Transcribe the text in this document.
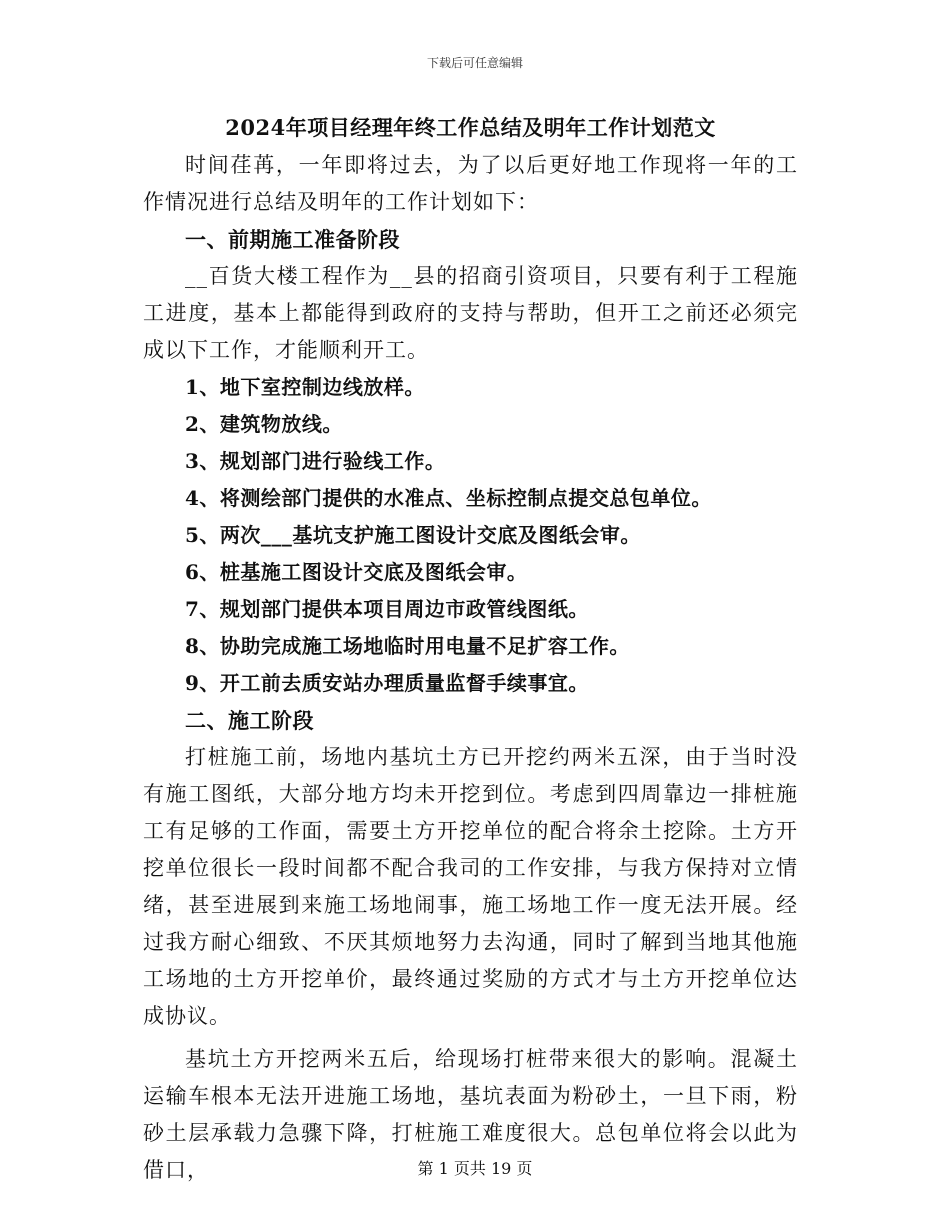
下载后可任意编辑
2024年项目经理年终工作总结及明年工作计划范文

时间荏苒，一年即将过去，为了以后更好地工作现将一年的工作情况进行总结及明年的工作计划如下：

一、前期施工准备阶段

__百货大楼工程作为__县的招商引资项目，只要有利于工程施工进度，基本上都能得到政府的支持与帮助，但开工之前还必须完成以下工作，才能顺利开工。

1、地下室控制边线放样。

2、建筑物放线。

3、规划部门进行验线工作。

4、将测绘部门提供的水准点、坐标控制点提交总包单位。

5、两次___基坑支护施工图设计交底及图纸会审。

6、桩基施工图设计交底及图纸会审。

7、规划部门提供本项目周边市政管线图纸。

8、协助完成施工场地临时用电量不足扩容工作。

9、开工前去质安站办理质量监督手续事宜。

二、施工阶段

打桩施工前，场地内基坑土方已开挖约两米五深，由于当时没有施工图纸，大部分地方均未开挖到位。考虑到四周靠边一排桩施工有足够的工作面，需要土方开挖单位的配合将余土挖除。土方开挖单位很长一段时间都不配合我司的工作安排，与我方保持对立情绪，甚至进展到来施工场地闹事，施工场地工作一度无法开展。经过我方耐心细致、不厌其烦地努力去沟通，同时了解到当地其他施工场地的土方开挖单价，最终通过奖励的方式才与土方开挖单位达成协议。

基坑土方开挖两米五后，给现场打桩带来很大的影响。混凝土运输车根本无法开进施工场地，基坑表面为粉砂土，一旦下雨，粉砂土层承载力急骤下降，打桩施工难度很大。总包单位将会以此为借口，	第 1 页共 19 页
